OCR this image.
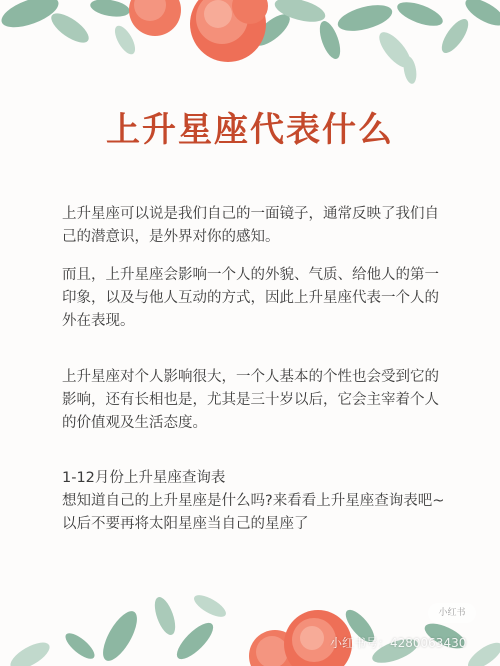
上升星座代表什么

上升星座可以说是我们自己的一面镜子，通常反映了我们自己的潜意识，是外界对你的感知。

而且，上升星座会影响一个人的外貌、气质、给他人的第一印象，以及与他人互动的方式，因此上升星座代表一个人的外在表现。

上升星座对个人影响很大，一个人基本的个性也会受到它的影响，还有长相也是，尤其是三十岁以后，它会主宰着个人的价值观及生活态度。

1-12月份上升星座查询表

想知道自己的上升星座是什么吗?来看看上升星座查询表吧~ 以后不要再将太阳星座当自己的星座了

小红书
小红书号：4280063430
